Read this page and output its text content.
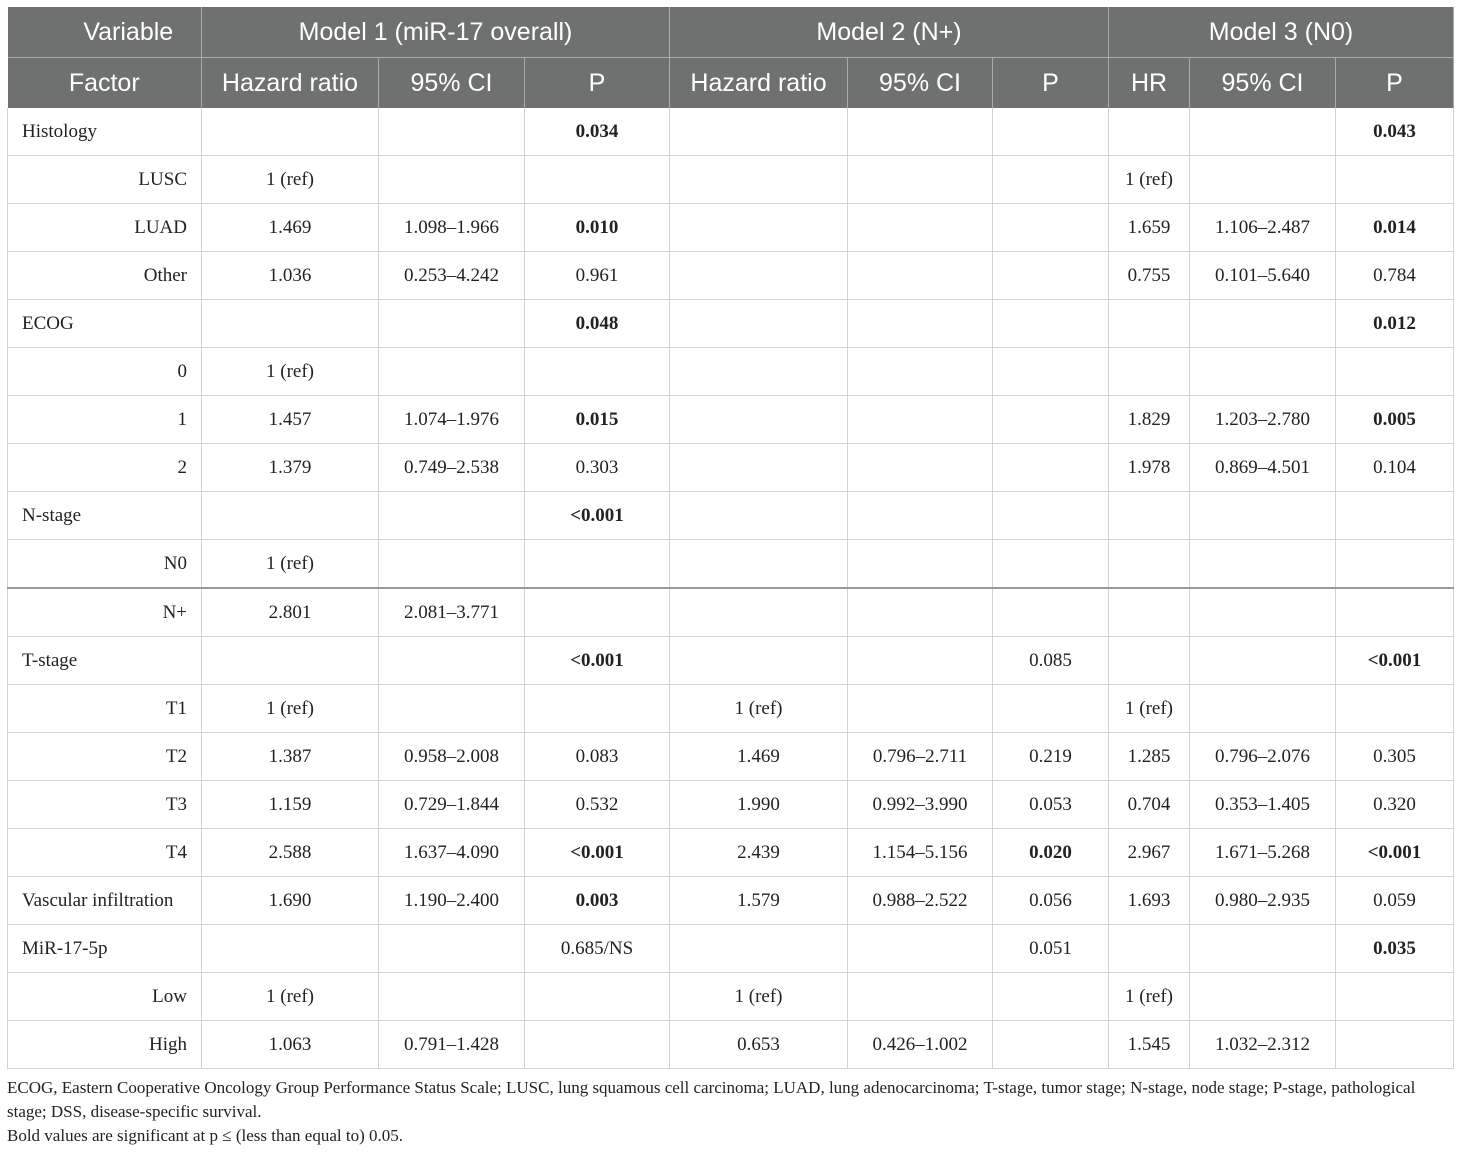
Variable	Model 1 (miR-17 overall)			Model 2 (N+)			Model 3 (N0)		
Factor	Hazard ratio	95% CI	P	Hazard ratio	95% CI	P	HR	95% CI	P
Histology			0.034						0.043
LUSC	1 (ref)						1 (ref)		
LUAD	1.469	1.098–1.966	0.010				1.659	1.106–2.487	0.014
Other	1.036	0.253–4.242	0.961				0.755	0.101–5.640	0.784
ECOG			0.048						0.012
0	1 (ref)								
1	1.457	1.074–1.976	0.015				1.829	1.203–2.780	0.005
2	1.379	0.749–2.538	0.303				1.978	0.869–4.501	0.104
N-stage			<0.001						
N0	1 (ref)								
N+	2.801	2.081–3.771							
T-stage			<0.001			0.085			<0.001
T1	1 (ref)			1 (ref)			1 (ref)		
T2	1.387	0.958–2.008	0.083	1.469	0.796–2.711	0.219	1.285	0.796–2.076	0.305
T3	1.159	0.729–1.844	0.532	1.990	0.992–3.990	0.053	0.704	0.353–1.405	0.320
T4	2.588	1.637–4.090	<0.001	2.439	1.154–5.156	0.020	2.967	1.671–5.268	<0.001
Vascular infiltration	1.690	1.190–2.400	0.003	1.579	0.988–2.522	0.056	1.693	0.980–2.935	0.059
MiR-17-5p			0.685/NS			0.051			0.035
Low	1 (ref)			1 (ref)			1 (ref)		
High	1.063	0.791–1.428		0.653	0.426–1.002		1.545	1.032–2.312	

ECOG, Eastern Cooperative Oncology Group Performance Status Scale; LUSC, lung squamous cell carcinoma; LUAD, lung adenocarcinoma; T-stage, tumor stage; N-stage, node stage; P-stage, pathological stage; DSS, disease-specific survival.

Bold values are significant at p ≤ (less than equal to) 0.05.
